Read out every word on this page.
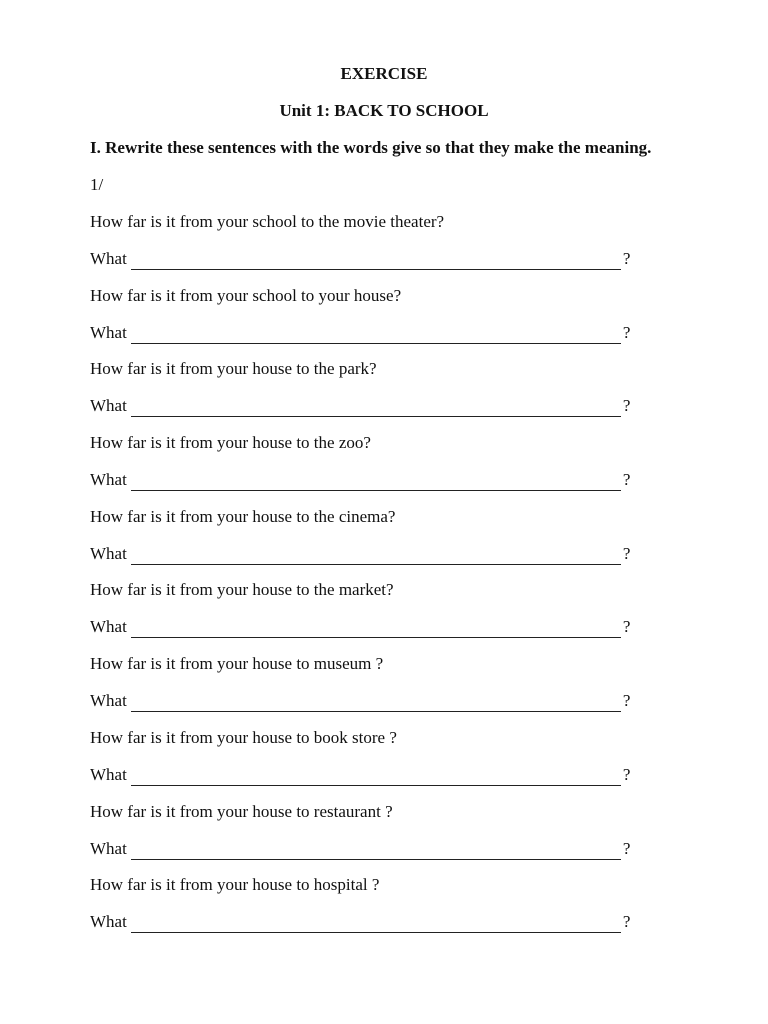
EXERCISE
Unit 1: BACK TO SCHOOL
I. Rewrite these sentences with the words give so that they make the meaning.
1/
How far is it from your school to the movie theater?
What	?
How far is it from your school to your house?
What	?
How far is it from your house to the park?
What	?
How far is it from your house to the zoo?
What	?
How far is it from your house to the cinema?
What	?
How far is it from your house to the market?
What	?
How far is it from your house to museum ?
What	?
How far is it from your house to book store ?
What	?
How far is it from your house to restaurant ?
What	?
How far is it from your house to hospital ?
What	?
